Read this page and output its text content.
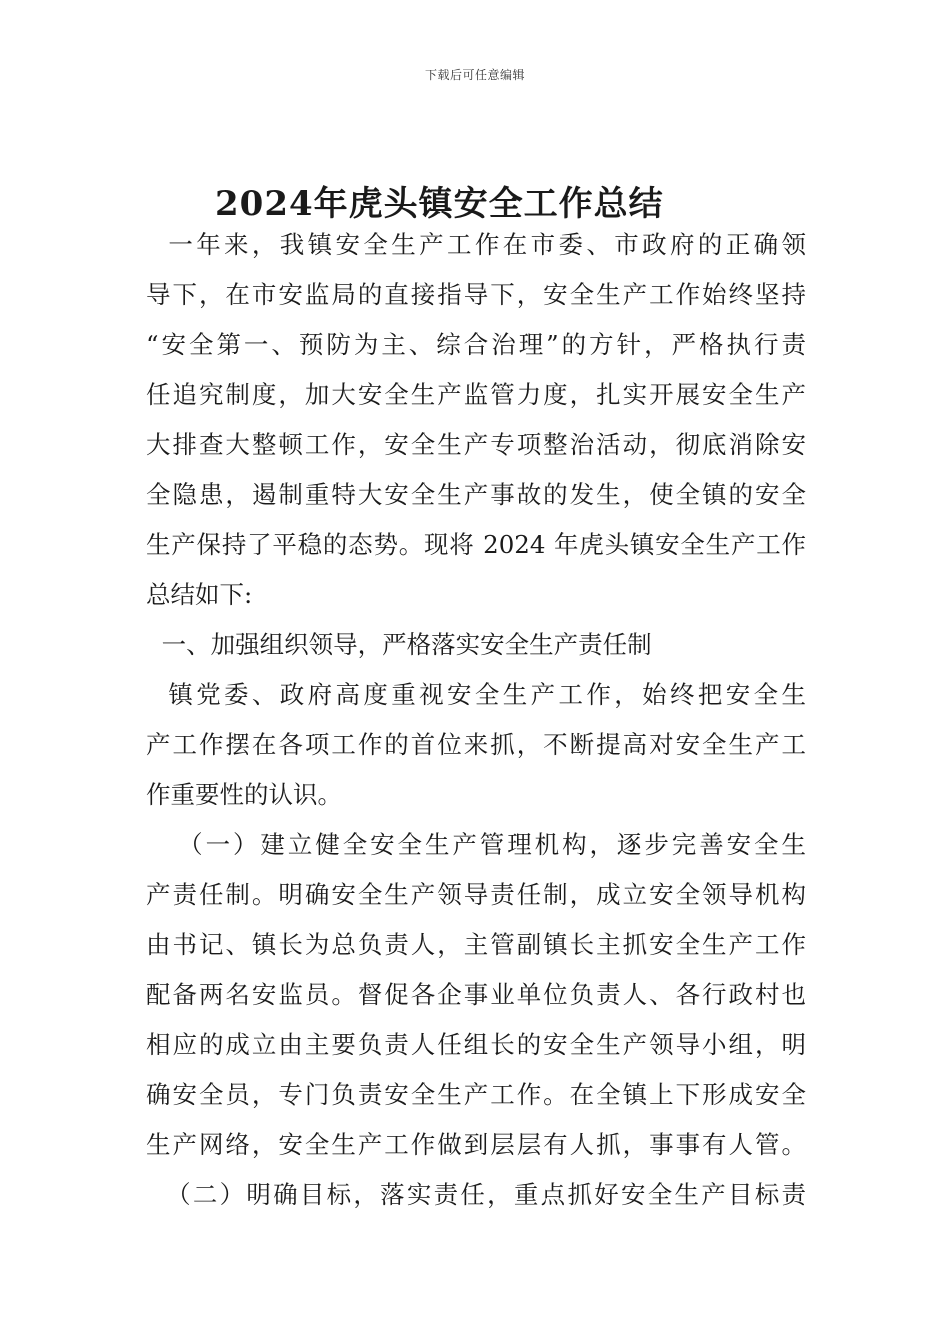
下载后可任意编辑
2024年虎头镇安全工作总结
一年来，我镇安全生产工作在市委、市政府的正确领
导下，在市安监局的直接指导下，安全生产工作始终坚持
“安全第一、预防为主、综合治理”的方针，严格执行责
任追究制度，加大安全生产监管力度，扎实开展安全生产
大排查大整顿工作，安全生产专项整治活动，彻底消除安
全隐患，遏制重特大安全生产事故的发生，使全镇的安全
生产保持了平稳的态势。现将 2024 年虎头镇安全生产工作
总结如下:
一、加强组织领导，严格落实安全生产责任制
镇党委、政府高度重视安全生产工作，始终把安全生
产工作摆在各项工作的首位来抓，不断提高对安全生产工
作重要性的认识。
（一）建立健全安全生产管理机构，逐步完善安全生
产责任制。明确安全生产领导责任制，成立安全领导机构
由书记、镇长为总负责人，主管副镇长主抓安全生产工作
配备两名安监员。督促各企事业单位负责人、各行政村也
相应的成立由主要负责人任组长的安全生产领导小组，明
确安全员，专门负责安全生产工作。在全镇上下形成安全
生产网络，安全生产工作做到层层有人抓，事事有人管。
（二）明确目标，落实责任，重点抓好安全生产目标责
